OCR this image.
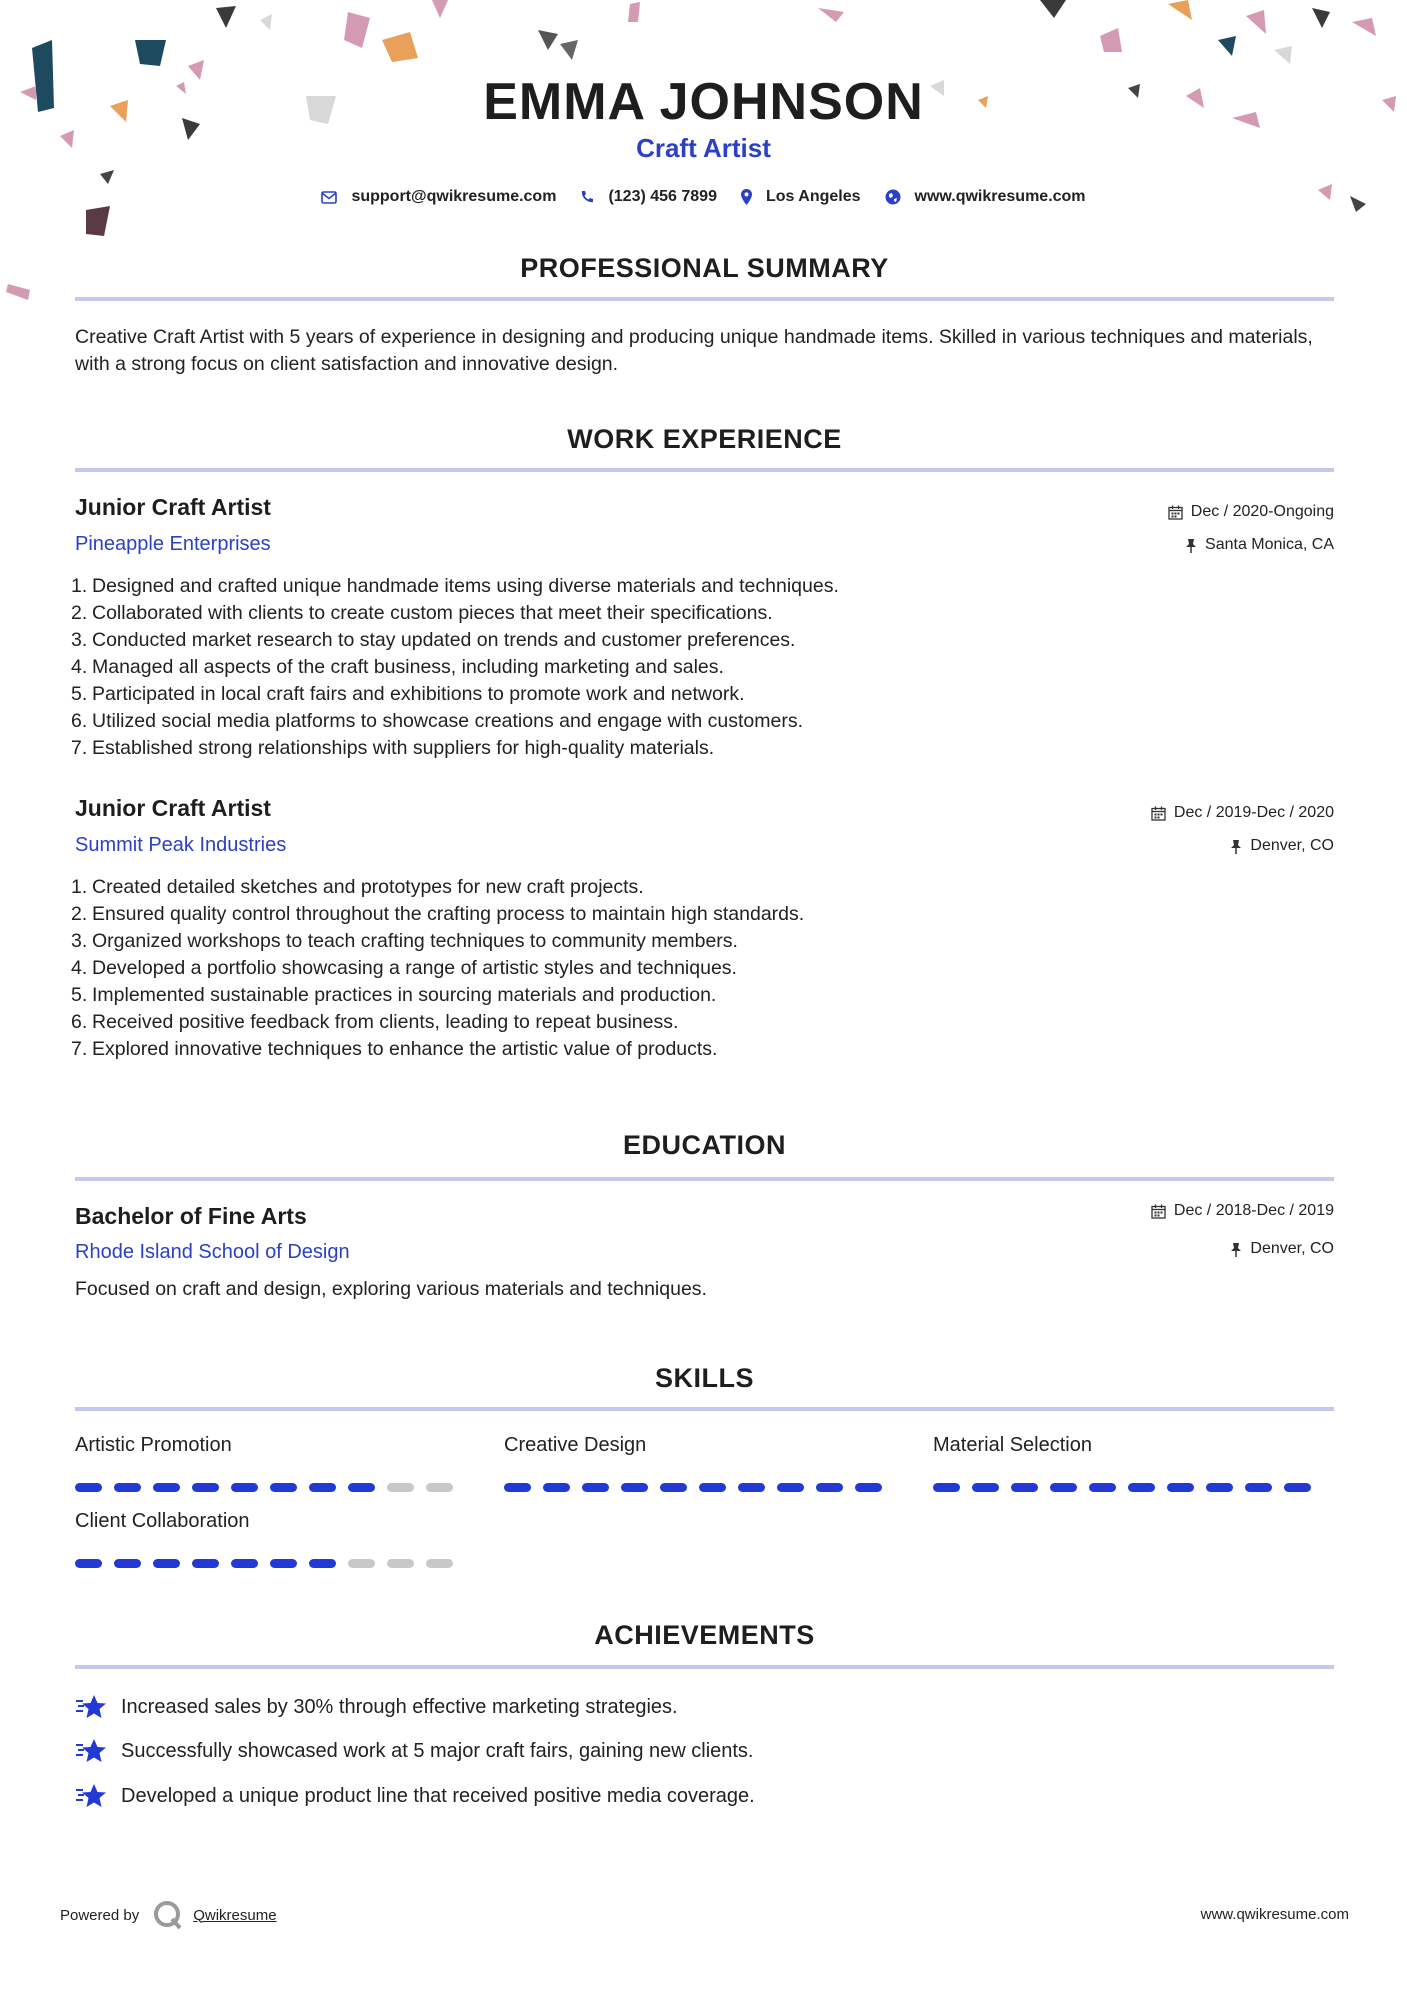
EMMA JOHNSON
Craft Artist
support@qwikresume.com	(123) 456 7899	Los Angeles	www.qwikresume.com
PROFESSIONAL SUMMARY
Creative Craft Artist with 5 years of experience in designing and producing unique handmade items. Skilled in various techniques and materials, with a strong focus on client satisfaction and innovative design.
WORK EXPERIENCE
Junior Craft Artist
Pineapple Enterprises
Dec / 2020-Ongoing
Santa Monica, CA
1. Designed and crafted unique handmade items using diverse materials and techniques.
2. Collaborated with clients to create custom pieces that meet their specifications.
3. Conducted market research to stay updated on trends and customer preferences.
4. Managed all aspects of the craft business, including marketing and sales.
5. Participated in local craft fairs and exhibitions to promote work and network.
6. Utilized social media platforms to showcase creations and engage with customers.
7. Established strong relationships with suppliers for high-quality materials.
Junior Craft Artist
Summit Peak Industries
Dec / 2019-Dec / 2020
Denver, CO
1. Created detailed sketches and prototypes for new craft projects.
2. Ensured quality control throughout the crafting process to maintain high standards.
3. Organized workshops to teach crafting techniques to community members.
4. Developed a portfolio showcasing a range of artistic styles and techniques.
5. Implemented sustainable practices in sourcing materials and production.
6. Received positive feedback from clients, leading to repeat business.
7. Explored innovative techniques to enhance the artistic value of products.
EDUCATION
Bachelor of Fine Arts
Rhode Island School of Design
Dec / 2018-Dec / 2019
Denver, CO
Focused on craft and design, exploring various materials and techniques.
SKILLS
Artistic Promotion	Creative Design	Material Selection
Client Collaboration
ACHIEVEMENTS
Increased sales by 30% through effective marketing strategies.
Successfully showcased work at 5 major craft fairs, gaining new clients.
Developed a unique product line that received positive media coverage.
Powered by	Qwikresume	www.qwikresume.com
